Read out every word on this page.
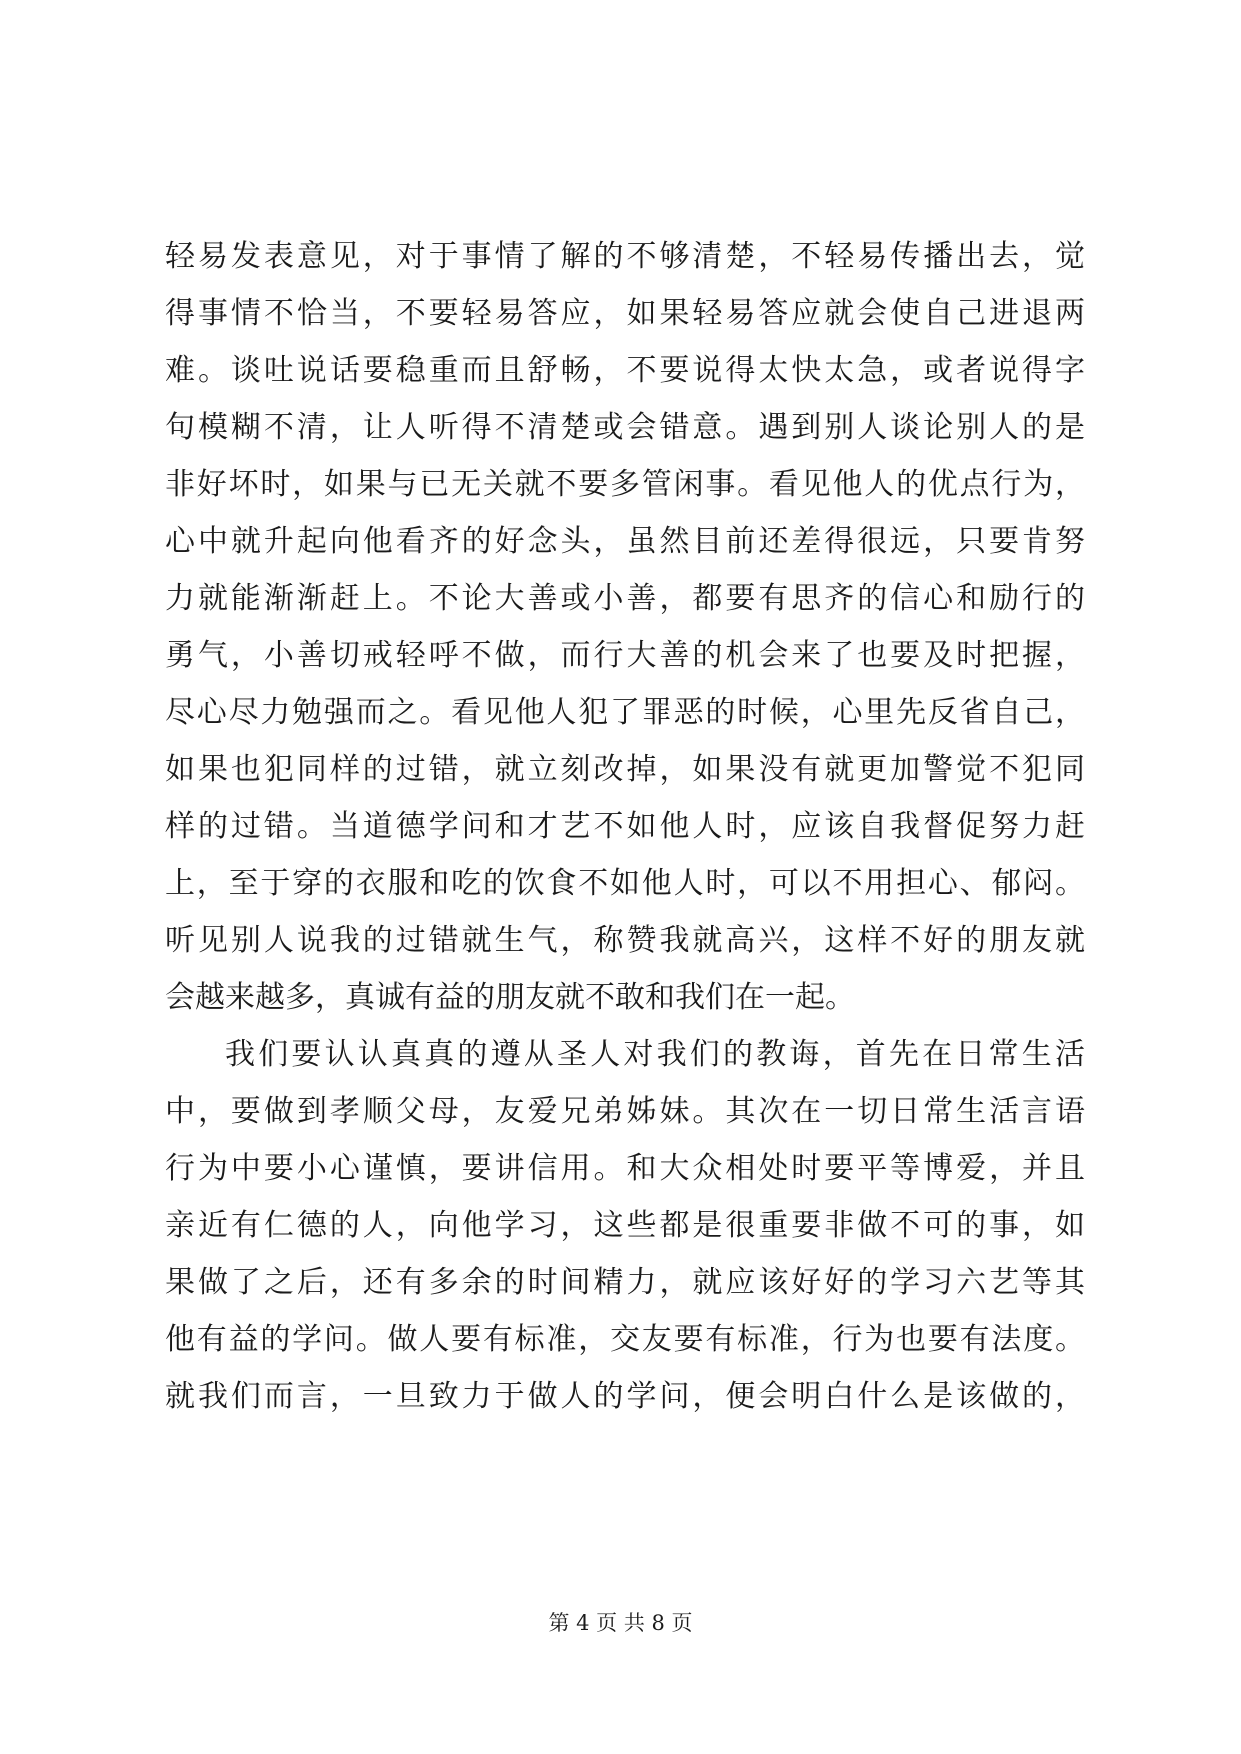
轻易发表意见，对于事情了解的不够清楚，不轻易传播出去，觉
得事情不恰当，不要轻易答应，如果轻易答应就会使自己进退两
难。谈吐说话要稳重而且舒畅，不要说得太快太急，或者说得字
句模糊不清，让人听得不清楚或会错意。遇到别人谈论别人的是
非好坏时，如果与已无关就不要多管闲事。看见他人的优点行为，
心中就升起向他看齐的好念头，虽然目前还差得很远，只要肯努
力就能渐渐赶上。不论大善或小善，都要有思齐的信心和励行的
勇气，小善切戒轻呼不做，而行大善的机会来了也要及时把握，
尽心尽力勉强而之。看见他人犯了罪恶的时候，心里先反省自己，
如果也犯同样的过错，就立刻改掉，如果没有就更加警觉不犯同
样的过错。当道德学问和才艺不如他人时，应该自我督促努力赶
上，至于穿的衣服和吃的饮食不如他人时，可以不用担心、郁闷。
听见别人说我的过错就生气，称赞我就高兴，这样不好的朋友就
会越来越多，真诚有益的朋友就不敢和我们在一起。
我们要认认真真的遵从圣人对我们的教诲，首先在日常生活
中，要做到孝顺父母，友爱兄弟姊妹。其次在一切日常生活言语
行为中要小心谨慎，要讲信用。和大众相处时要平等博爱，并且
亲近有仁德的人，向他学习，这些都是很重要非做不可的事，如
果做了之后，还有多余的时间精力，就应该好好的学习六艺等其
他有益的学问。做人要有标准，交友要有标准，行为也要有法度。
就我们而言，一旦致力于做人的学问，便会明白什么是该做的，
第 4 页 共 8 页
